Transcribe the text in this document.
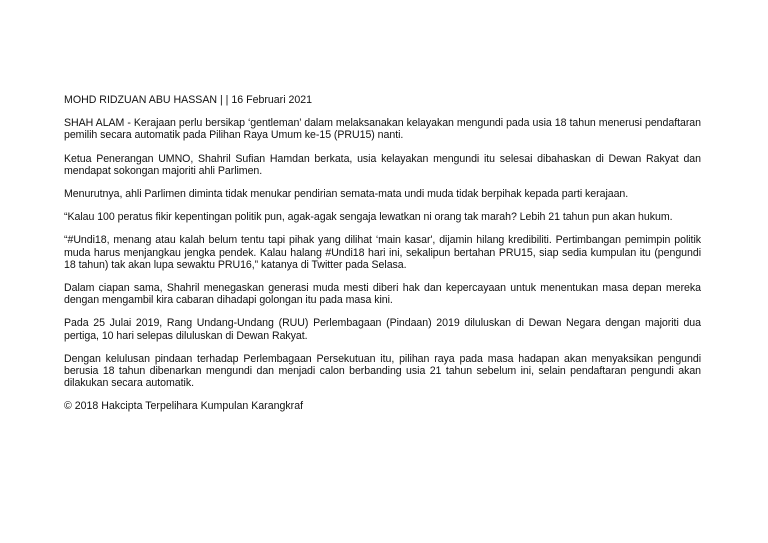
MOHD RIDZUAN ABU HASSAN | | 16 Februari 2021

SHAH ALAM - Kerajaan perlu bersikap ‘gentleman’ dalam melaksanakan kelayakan mengundi pada usia 18 tahun menerusi pendaftaran pemilih secara automatik pada Pilihan Raya Umum ke-15 (PRU15) nanti.

Ketua Penerangan UMNO, Shahril Sufian Hamdan berkata, usia kelayakan mengundi itu selesai dibahaskan di Dewan Rakyat dan mendapat sokongan majoriti ahli Parlimen.

Menurutnya, ahli Parlimen diminta tidak menukar pendirian semata-mata undi muda tidak berpihak kepada parti kerajaan.

“Kalau 100 peratus fikir kepentingan politik pun, agak-agak sengaja lewatkan ni orang tak marah? Lebih 21 tahun pun akan hukum.

“#Undi18, menang atau kalah belum tentu tapi pihak yang dilihat ‘main kasar', dijamin hilang kredibiliti. Pertimbangan pemimpin politik muda harus menjangkau jengka pendek. Kalau halang #Undi18 hari ini, sekalipun bertahan PRU15, siap sedia kumpulan itu (pengundi 18 tahun) tak akan lupa sewaktu PRU16,” katanya di Twitter pada Selasa.

Dalam ciapan sama, Shahril menegaskan generasi muda mesti diberi hak dan kepercayaan untuk menentukan masa depan mereka dengan mengambil kira cabaran dihadapi golongan itu pada masa kini.

Pada 25 Julai 2019, Rang Undang-Undang (RUU) Perlembagaan (Pindaan) 2019 diluluskan di Dewan Negara dengan majoriti dua pertiga, 10 hari selepas diluluskan di Dewan Rakyat.

Dengan kelulusan pindaan terhadap Perlembagaan Persekutuan itu, pilihan raya pada masa hadapan akan menyaksikan pengundi berusia 18 tahun dibenarkan mengundi dan menjadi calon berbanding usia 21 tahun sebelum ini, selain pendaftaran pengundi akan dilakukan secara automatik.

© 2018 Hakcipta Terpelihara Kumpulan Karangkraf
